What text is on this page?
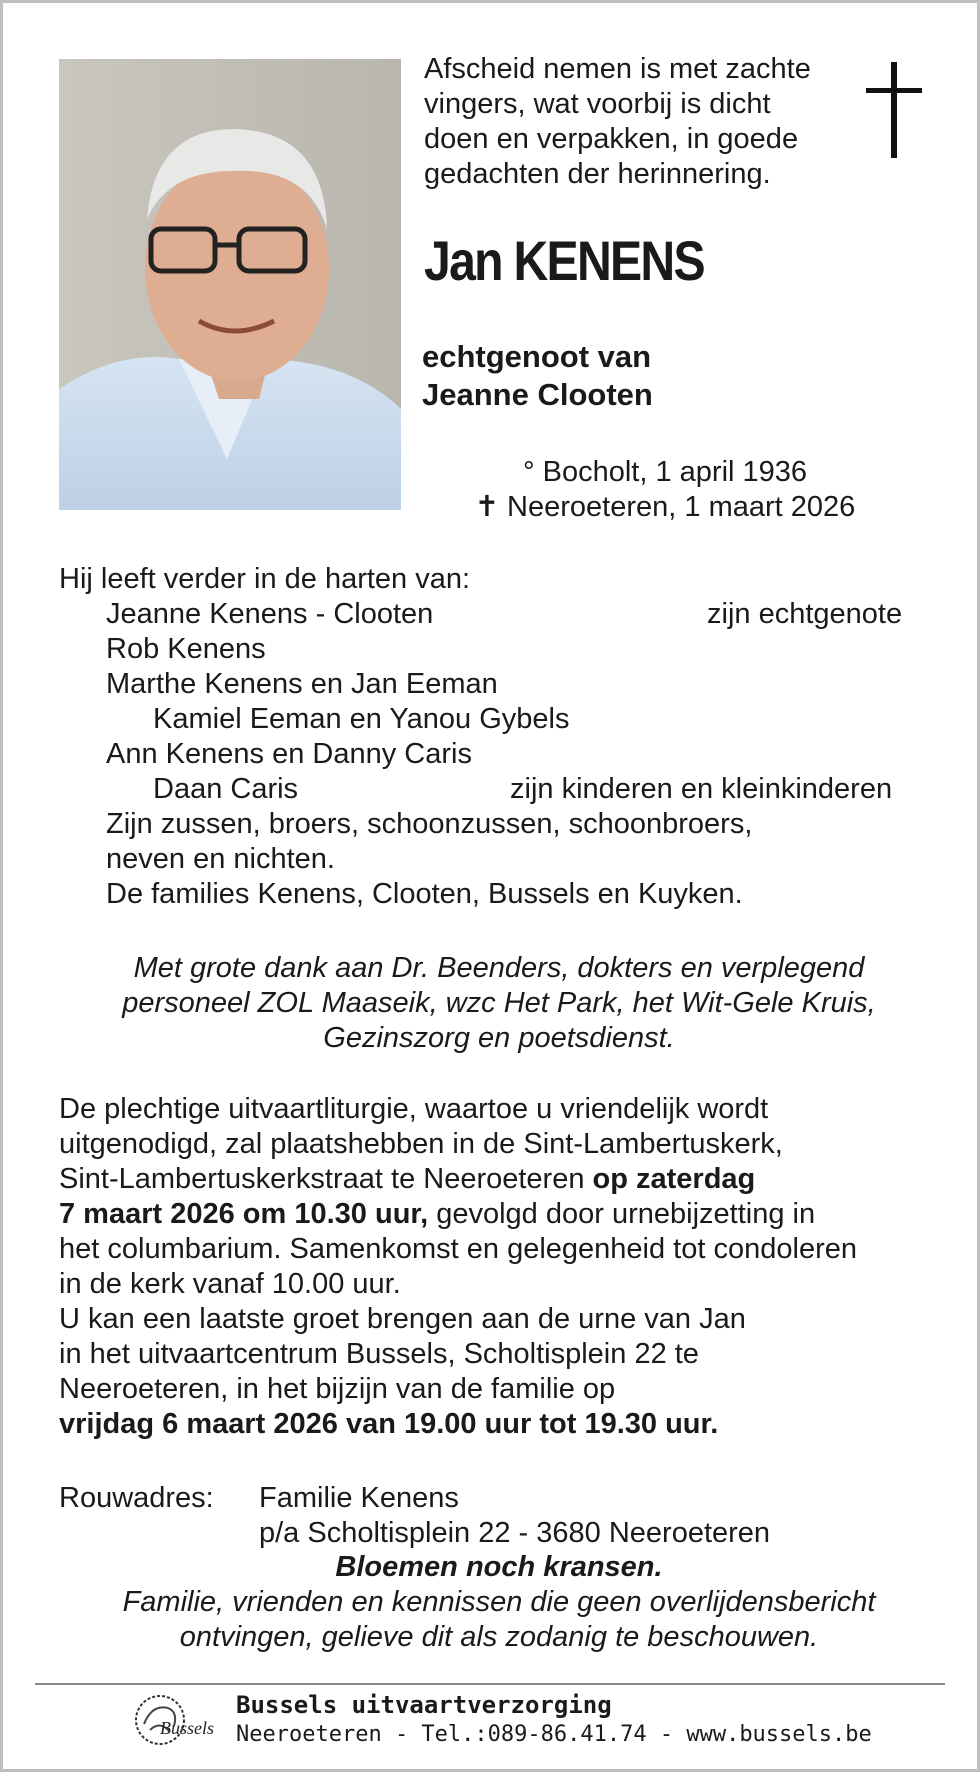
Afscheid nemen is met zachte
vingers, wat voorbij is dicht
doen en verpakken, in goede
gedachten der herinnering.
Jan KENENS
echtgenoot van
Jeanne Clooten
° Bocholt, 1 april 1936
✝ Neeroeteren, 1 maart 2026
Hij leeft verder in de harten van:
Jeanne Kenens - Clooten	zijn echtgenote
Rob Kenens
Marthe Kenens en Jan Eeman
Kamiel Eeman en Yanou Gybels
Ann Kenens en Danny Caris
Daan Caris	zijn kinderen en kleinkinderen
Zijn zussen, broers, schoonzussen, schoonbroers,
neven en nichten.
De families Kenens, Clooten, Bussels en Kuyken.
Met grote dank aan Dr. Beenders, dokters en verplegend
personeel ZOL Maaseik, wzc Het Park, het Wit-Gele Kruis,
Gezinszorg en poetsdienst.
De plechtige uitvaartliturgie, waartoe u vriendelijk wordt
uitgenodigd, zal plaatshebben in de Sint-Lambertuskerk,
Sint-Lambertuskerkstraat te Neeroeteren op zaterdag
7 maart 2026 om 10.30 uur, gevolgd door urnebijzetting in
het columbarium. Samenkomst en gelegenheid tot condoleren
in de kerk vanaf 10.00 uur.
U kan een laatste groet brengen aan de urne van Jan
in het uitvaartcentrum Bussels, Scholtisplein 22 te
Neeroeteren, in het bijzijn van de familie op
vrijdag 6 maart 2026 van 19.00 uur tot 19.30 uur.
Rouwadres: Familie Kenens
p/a Scholtisplein 22 - 3680 Neeroeteren
Bloemen noch kransen.
Familie, vrienden en kennissen die geen overlijdensbericht
ontvingen, gelieve dit als zodanig te beschouwen.
Bussels
Bussels uitvaartverzorging
Neeroeteren - Tel.:089-86.41.74 - www.bussels.be
